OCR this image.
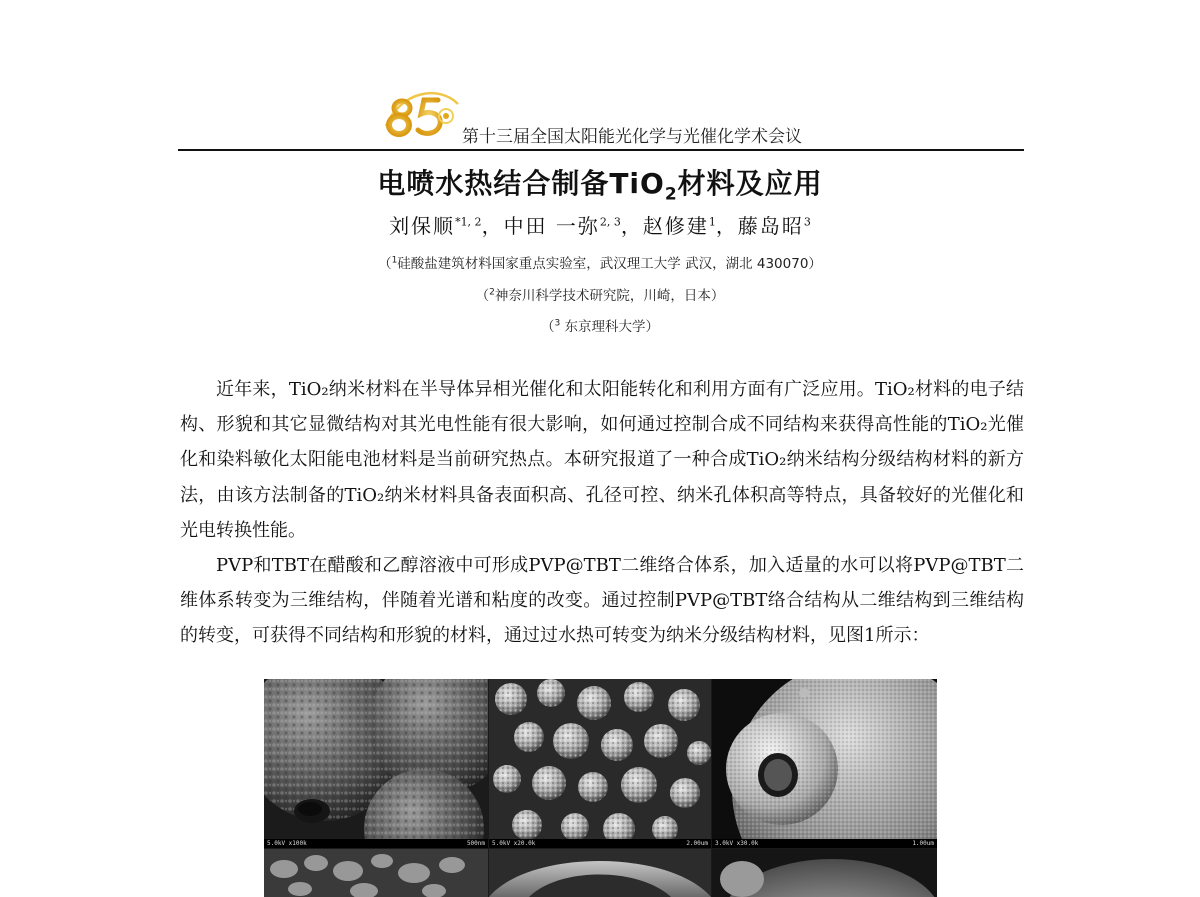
第十三届全国太阳能光化学与光催化学术会议
电喷水热结合制备TiO$_2$材料及应用
刘保顺$^{*1, 2}$，中田 一弥$^{2, 3}$，赵修建$^1$，藤岛昭$^3$
（$^1$硅酸盐建筑材料国家重点实验室，武汉理工大学 武汉，湖北 430070）
（$^2$神奈川科学技术研究院，川崎，日本）
（$^3$ 东京理科大学）

近年来，TiO₂纳米材料在半导体异相光催化和太阳能转化和利用方面有广泛应用。TiO₂材料的电子结构、形貌和其它显微结构对其光电性能有很大影响，如何通过控制合成不同结构来获得高性能的TiO₂光催化和染料敏化太阳能电池材料是当前研究热点。本研究报道了一种合成TiO₂纳米结构分级结构材料的新方法，由该方法制备的TiO₂纳米材料具备表面积高、孔径可控、纳米孔体积高等特点，具备较好的光催化和光电转换性能。

PVP和TBT在醋酸和乙醇溶液中可形成PVP@TBT二维络合体系，加入适量的水可以将PVP@TBT二维体系转变为三维结构，伴随着光谱和粘度的改变。通过控制PVP@TBT络合结构从二维结构到三维结构的转变，可获得不同结构和形貌的材料，通过过水热可转变为纳米分级结构材料，见图1所示：

5.0kV x100k	500nm 5.0kV x20.0k	2.00um 3.0kV x30.0k	1.00um
